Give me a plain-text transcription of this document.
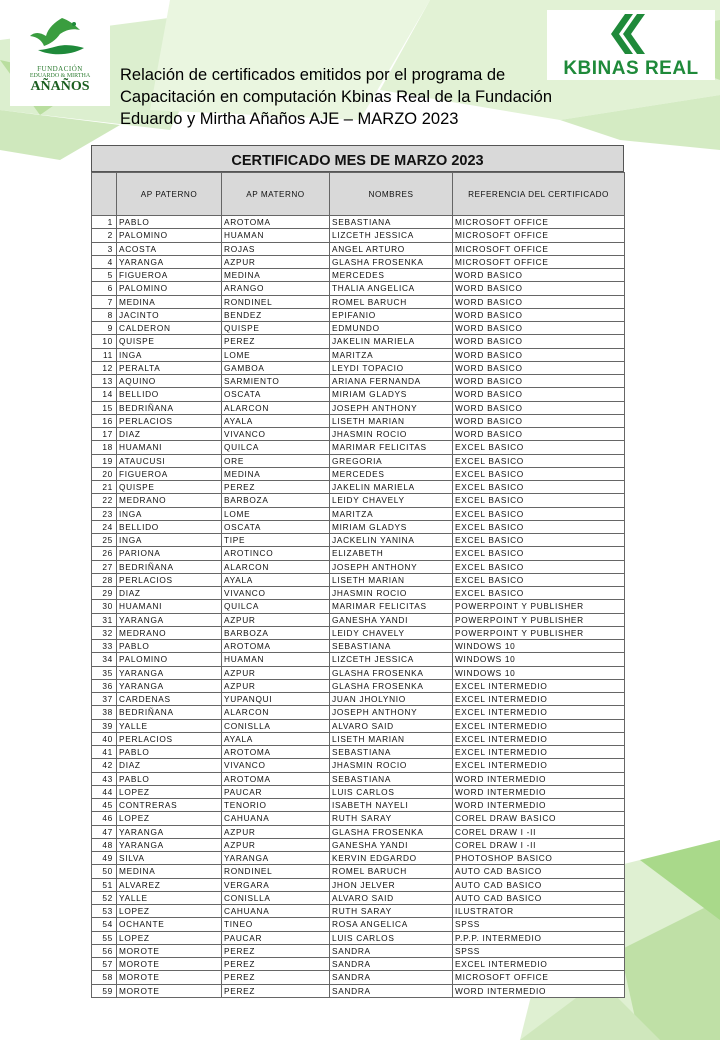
FUNDACIÓN
EDUARDO & MIRTHA
AÑAÑOS
KBINAS REAL
Relación de certificados emitidos por el programa de
Capacitación en computación Kbinas Real de la Fundación
Eduardo y Mirtha Añaños AJE – MARZO 2023
CERTIFICADO MES DE MARZO 2023
	AP PATERNO	AP MATERNO	NOMBRES	REFERENCIA DEL CERTIFICADO
1	PABLO	AROTOMA	SEBASTIANA	MICROSOFT OFFICE
2	PALOMINO	HUAMAN	LIZCETH JESSICA	MICROSOFT OFFICE
3	ACOSTA	ROJAS	ANGEL ARTURO	MICROSOFT OFFICE
4	YARANGA	AZPUR	GLASHA FROSENKA	MICROSOFT OFFICE
5	FIGUEROA	MEDINA	MERCEDES	WORD BASICO
6	PALOMINO	ARANGO	THALIA ANGELICA	WORD BASICO
7	MEDINA	RONDINEL	ROMEL BARUCH	WORD BASICO
8	JACINTO	BENDEZ	EPIFANIO	WORD BASICO
9	CALDERON	QUISPE	EDMUNDO	WORD BASICO
10	QUISPE	PEREZ	JAKELIN MARIELA	WORD BASICO
11	INGA	LOME	MARITZA	WORD BASICO
12	PERALTA	GAMBOA	LEYDI TOPACIO	WORD BASICO
13	AQUINO	SARMIENTO	ARIANA FERNANDA	WORD BASICO
14	BELLIDO	OSCATA	MIRIAM GLADYS	WORD BASICO
15	BEDRIÑANA	ALARCON	JOSEPH ANTHONY	WORD BASICO
16	PERLACIOS	AYALA	LISETH MARIAN	WORD BASICO
17	DIAZ	VIVANCO	JHASMIN ROCIO	WORD BASICO
18	HUAMANI	QUILCA	MARIMAR FELICITAS	EXCEL BASICO
19	ATAUCUSI	ORE	GREGORIA	EXCEL BASICO
20	FIGUEROA	MEDINA	MERCEDES	EXCEL BASICO
21	QUISPE	PEREZ	JAKELIN MARIELA	EXCEL BASICO
22	MEDRANO	BARBOZA	LEIDY CHAVELY	EXCEL BASICO
23	INGA	LOME	MARITZA	EXCEL BASICO
24	BELLIDO	OSCATA	MIRIAM GLADYS	EXCEL BASICO
25	INGA	TIPE	JACKELIN YANINA	EXCEL BASICO
26	PARIONA	AROTINCO	ELIZABETH	EXCEL BASICO
27	BEDRIÑANA	ALARCON	JOSEPH ANTHONY	EXCEL BASICO
28	PERLACIOS	AYALA	LISETH MARIAN	EXCEL BASICO
29	DIAZ	VIVANCO	JHASMIN ROCIO	EXCEL BASICO
30	HUAMANI	QUILCA	MARIMAR FELICITAS	POWERPOINT Y PUBLISHER
31	YARANGA	AZPUR	GANESHA YANDI	POWERPOINT Y PUBLISHER
32	MEDRANO	BARBOZA	LEIDY CHAVELY	POWERPOINT Y PUBLISHER
33	PABLO	AROTOMA	SEBASTIANA	WINDOWS 10
34	PALOMINO	HUAMAN	LIZCETH JESSICA	WINDOWS 10
35	YARANGA	AZPUR	GLASHA FROSENKA	WINDOWS 10
36	YARANGA	AZPUR	GLASHA FROSENKA	EXCEL INTERMEDIO
37	CARDENAS	YUPANQUI	JUAN JHOLYNIO	EXCEL INTERMEDIO
38	BEDRIÑANA	ALARCON	JOSEPH ANTHONY	EXCEL INTERMEDIO
39	YALLE	CONISLLA	ALVARO SAID	EXCEL INTERMEDIO
40	PERLACIOS	AYALA	LISETH MARIAN	EXCEL INTERMEDIO
41	PABLO	AROTOMA	SEBASTIANA	EXCEL INTERMEDIO
42	DIAZ	VIVANCO	JHASMIN ROCIO	EXCEL INTERMEDIO
43	PABLO	AROTOMA	SEBASTIANA	WORD INTERMEDIO
44	LOPEZ	PAUCAR	LUIS CARLOS	WORD INTERMEDIO
45	CONTRERAS	TENORIO	ISABETH NAYELI	WORD INTERMEDIO
46	LOPEZ	CAHUANA	RUTH SARAY	COREL DRAW BASICO
47	YARANGA	AZPUR	GLASHA FROSENKA	COREL DRAW I -II
48	YARANGA	AZPUR	GANESHA YANDI	COREL DRAW I -II
49	SILVA	YARANGA	KERVIN EDGARDO	PHOTOSHOP BASICO
50	MEDINA	RONDINEL	ROMEL BARUCH	AUTO CAD BASICO
51	ALVAREZ	VERGARA	JHON JELVER	AUTO CAD BASICO
52	YALLE	CONISLLA	ALVARO SAID	AUTO CAD BASICO
53	LOPEZ	CAHUANA	RUTH SARAY	ILUSTRATOR
54	OCHANTE	TINEO	ROSA ANGELICA	SPSS
55	LOPEZ	PAUCAR	LUIS CARLOS	P.P.P. INTERMEDIO
56	MOROTE	PEREZ	SANDRA	SPSS
57	MOROTE	PEREZ	SANDRA	EXCEL INTERMEDIO
58	MOROTE	PEREZ	SANDRA	MICROSOFT OFFICE
59	MOROTE	PEREZ	SANDRA	WORD INTERMEDIO
